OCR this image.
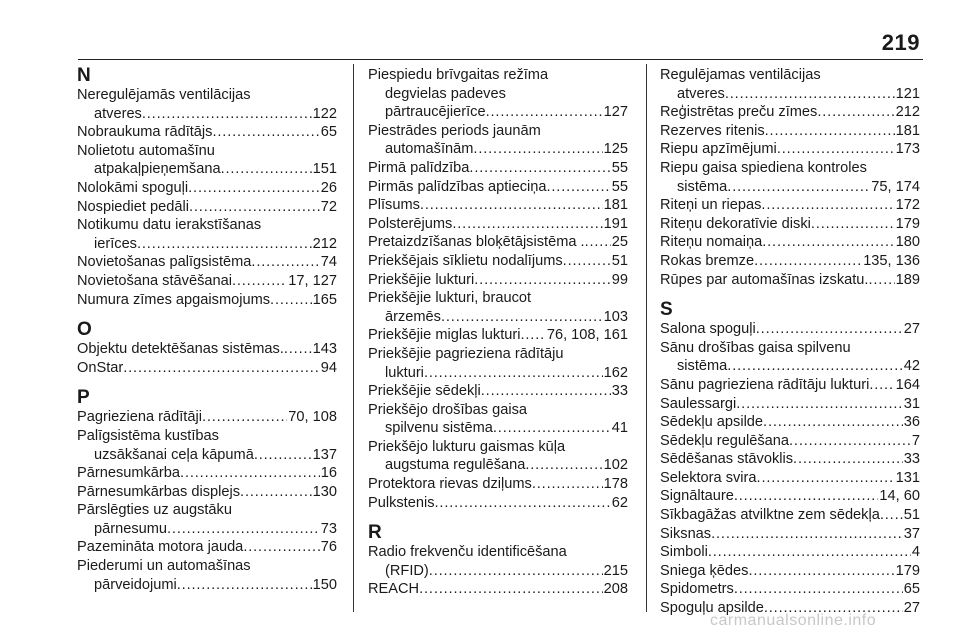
219
N
Neregulējamās ventilācijas
atveres . . .	122
Nobraukuma rādītājs . . .	65
Nolietotu automašīnu
atpakaļpieņemšana . . .	151
Nolokāmi spoguļi . . .	26
Nospiediet pedāli . . .	72
Notikumu datu ierakstīšanas
ierīces . . .	212
Novietošanas palīgsistēma . . .	74
Novietošana stāvēšanai . . .	17, 127
Numura zīmes apgaismojums . . .	165
O
Objektu detektēšanas sistēmas. . . . 143
OnStar . . .	94
P
Pagrieziena rādītāji . . .	70, 108
Palīgsistēma kustības
uzsākšanai ceļa kāpumā . . .	137
Pārnesumkārba . . .	16
Pārnesumkārbas displejs . . .	130
Pārslēgties uz augstāku
pārnesumu . . .	73
Pazemināta motora jauda . . .	76
Piederumi un automašīnas
pārveidojumi . . .	150
Piespiedu brīvgaitas režīma
degvielas padeves
pārtraucējierīce . . .	127
Piestrādes periods jaunām
automašīnām . . .	125
Pirmā palīdzība . . .	55
Pirmās palīdzības aptieciņa . . .	55
Plīsums . . .	181
Polsterējums . . .	191
Pretaizdzīšanas bloķētājsistēma . . . . 25
Priekšējais sīklietu nodalījums . . .	51
Priekšējie lukturi . . .	99
Priekšējie lukturi, braucot
ārzemēs . . .	103
Priekšējie miglas lukturi . . . 76, 108, 161
Priekšējie pagrieziena rādītāju
lukturi . . .	162
Priekšējie sēdekļi . . .	33
Priekšējo drošības gaisa
spilvenu sistēma . . .	41
Priekšējo lukturu gaismas kūļa
augstuma regulēšana . . .	102
Protektora rievas dziļums . . .	178
Pulkstenis . . .	62
R
Radio frekvenču identificēšana
(RFID) . . .	215
REACH . . .	208
Regulējamas ventilācijas
atveres . . .	121
Reģistrētas preču zīmes . . .	212
Rezerves ritenis . . .	181
Riepu apzīmējumi . . .	173
Riepu gaisa spiediena kontroles
sistēma . . .	75, 174
Riteņi un riepas . . .	172
Riteņu dekoratīvie diski . . .	179
Riteņu nomaiņa . . .	180
Rokas bremze . . .	135, 136
Rūpes par automašīnas izskatu. . . . 189
S
Salona spoguļi . . .	27
Sānu drošības gaisa spilvenu
sistēma . . .	42
Sānu pagrieziena rādītāju lukturi . . . 164
Saulessargi . . .	31
Sēdekļu apsilde . . .	36
Sēdekļu regulēšana . . .	7
Sēdēšanas stāvoklis . . .	33
Selektora svira . . .	131
Signāltaure . . .	14, 60
Sīkbagāžas atvilktne zem sēdekļa . . . 51
Siksnas . . .	37
Simboli . . .	4
Sniega ķēdes . . .	179
Spidometrs . . .	65
Spoguļu apsilde . . .	27
carmanualsonline.info
